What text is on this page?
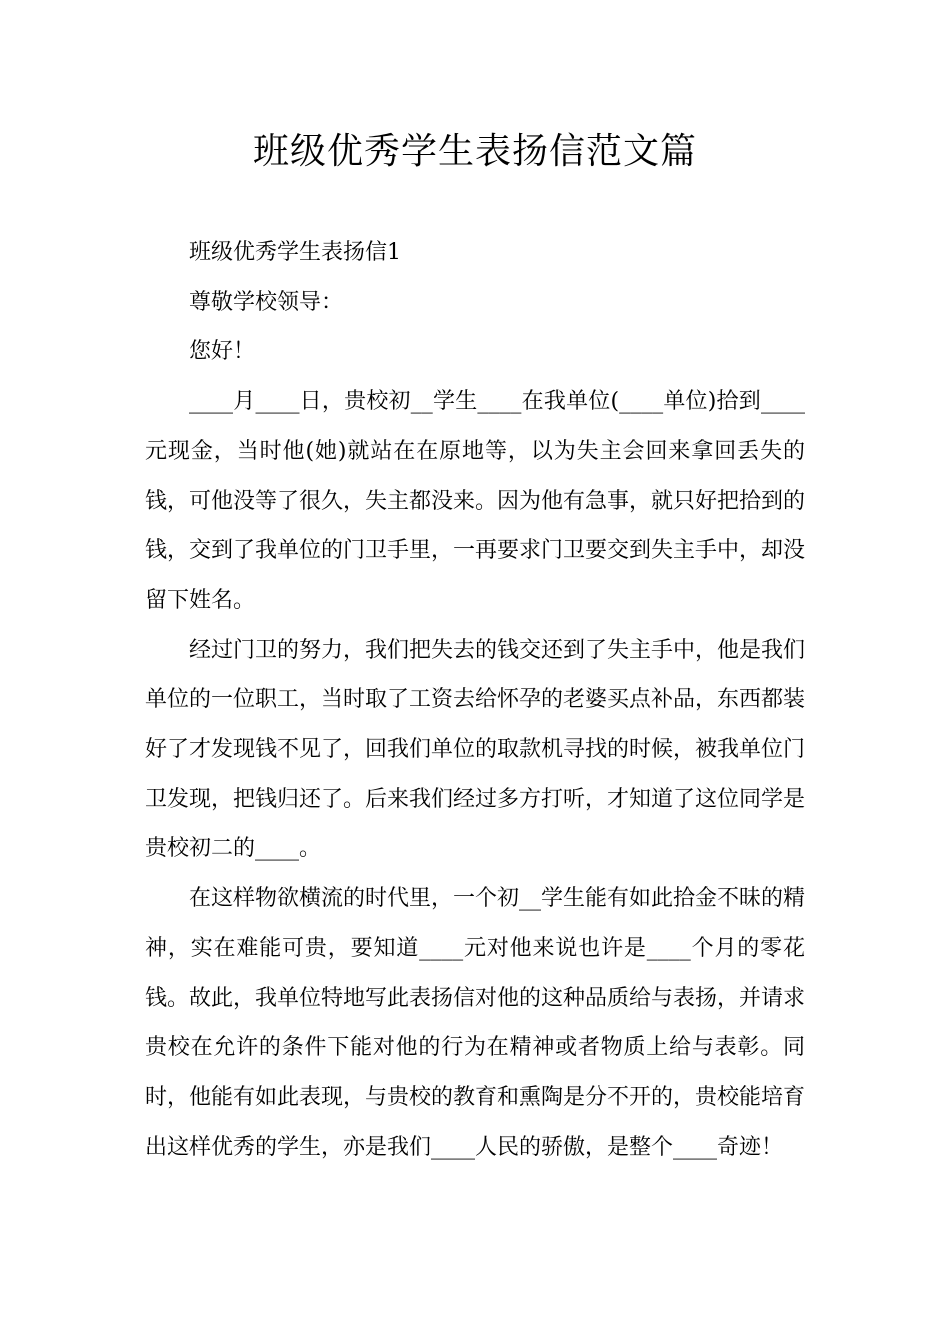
班级优秀学生表扬信范文篇

班级优秀学生表扬信1

尊敬学校领导：

您好！

____月____日，贵校初__学生____在我单位(____单位)拾到____元现金，当时他(她)就站在在原地等，以为失主会回来拿回丢失的钱，可他没等了很久，失主都没来。因为他有急事，就只好把拾到的钱，交到了我单位的门卫手里，一再要求门卫要交到失主手中，却没留下姓名。

经过门卫的努力，我们把失去的钱交还到了失主手中，他是我们单位的一位职工，当时取了工资去给怀孕的老婆买点补品，东西都装好了才发现钱不见了，回我们单位的取款机寻找的时候，被我单位门卫发现，把钱归还了。后来我们经过多方打听，才知道了这位同学是贵校初二的____。

在这样物欲横流的时代里，一个初__学生能有如此拾金不昧的精神，实在难能可贵，要知道____元对他来说也许是____个月的零花钱。故此，我单位特地写此表扬信对他的这种品质给与表扬，并请求贵校在允许的条件下能对他的行为在精神或者物质上给与表彰。同时，他能有如此表现，与贵校的教育和熏陶是分不开的，贵校能培育出这样优秀的学生，亦是我们____人民的骄傲，是整个____奇迹！
